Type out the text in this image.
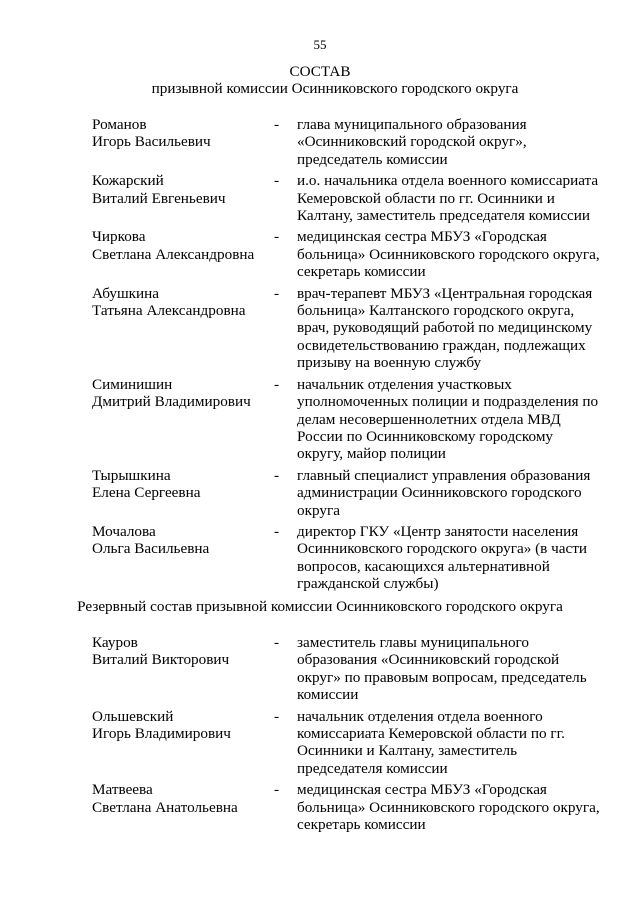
55
СОСТАВ
призывной комиссии Осинниковского городского округа
Романов
Игорь Васильевич
- глава муниципального образования «Осинниковский городской округ», председатель комиссии
Кожарский
Виталий Евгеньевич
- и.о. начальника отдела военного комиссариата Кемеровской области по гг. Осинники и Калтану, заместитель председателя комиссии
Чиркова
Светлана Александровна
- медицинская сестра МБУЗ «Городская больница» Осинниковского городского округа, секретарь комиссии
Абушкина
Татьяна Александровна
- врач-терапевт МБУЗ «Центральная городская больница» Калтанского городского округа, врач, руководящий работой по медицинскому освидетельствованию граждан, подлежащих призыву на военную службу
Симинишин
Дмитрий Владимирович
- начальник отделения участковых уполномоченных полиции и подразделения по делам несовершеннолетних отдела МВД России по Осинниковскому городскому округу, майор полиции
Тырышкина
Елена Сергеевна
- главный специалист управления образования администрации Осинниковского городского округа
Мочалова
Ольга Васильевна
- директор ГКУ «Центр занятости населения Осинниковского городского округа» (в части вопросов, касающихся альтернативной гражданской службы)
Резервный состав призывной комиссии Осинниковского городского округа
Кауров
Виталий Викторович
- заместитель главы муниципального образования «Осинниковский городской округ» по правовым вопросам, председатель комиссии
Ольшевский
Игорь Владимирович
- начальник отделения отдела военного комиссариата Кемеровской области по гг. Осинники и Калтану, заместитель председателя комиссии
Матвеева
Светлана Анатольевна
- медицинская сестра МБУЗ «Городская больница» Осинниковского городского округа, секретарь комиссии
